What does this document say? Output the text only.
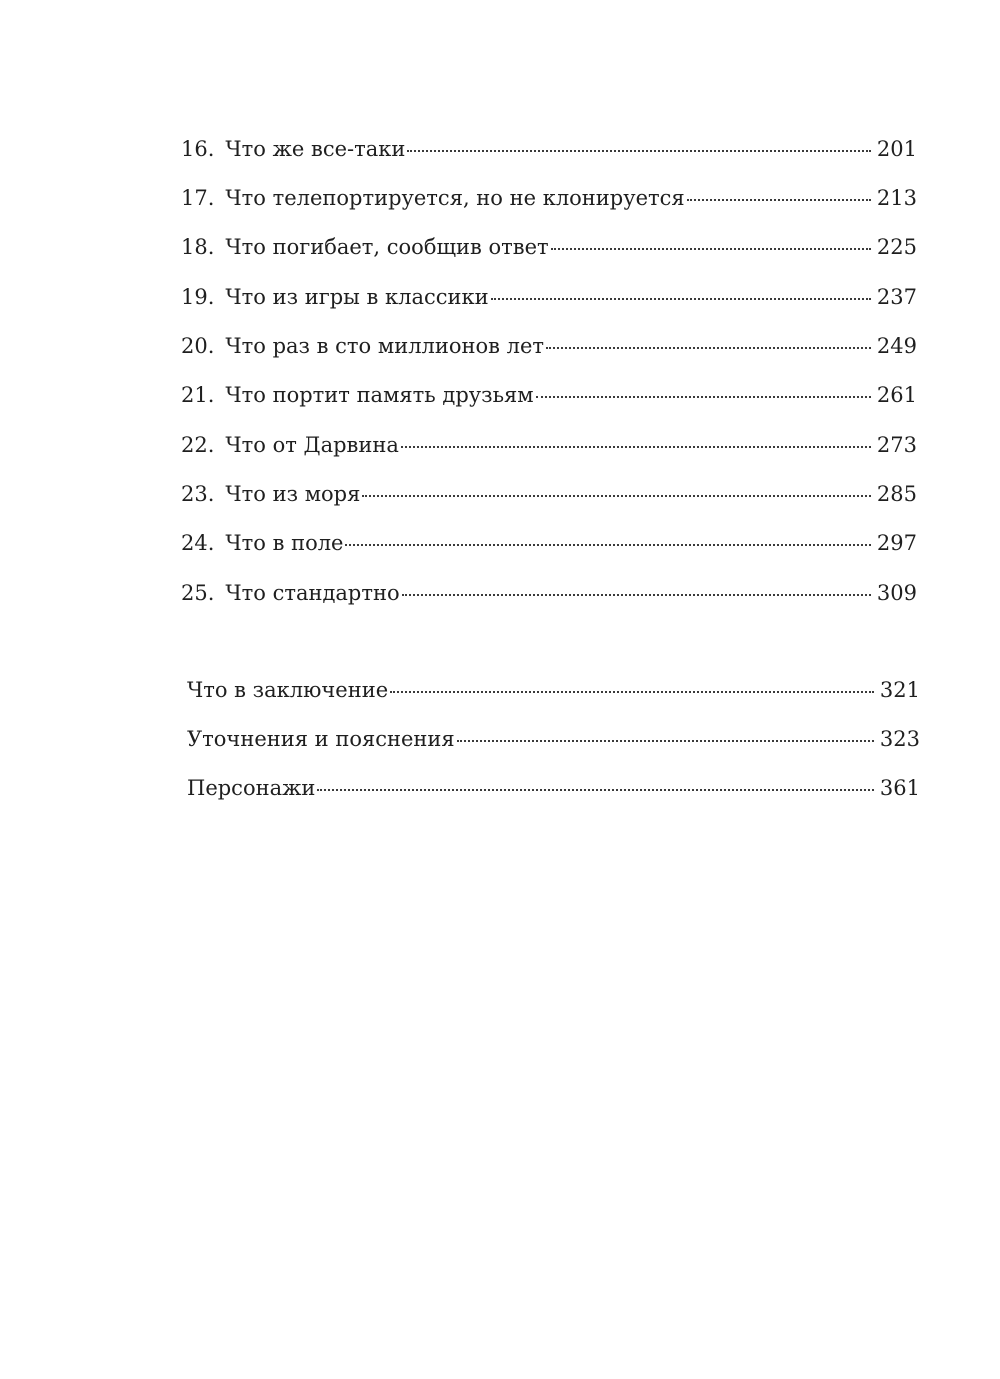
16. Что же все-таки	201
17. Что телепортируется, но не клонируется	213
18. Что погибает, сообщив ответ	225
19. Что из игры в классики	237
20. Что раз в сто миллионов лет	249
21. Что портит память друзьям	261
22. Что от Дарвина	273
23. Что из моря	285
24. Что в поле	297
25. Что стандартно	309
Что в заключение	321
Уточнения и пояснения	323
Персонажи	361
